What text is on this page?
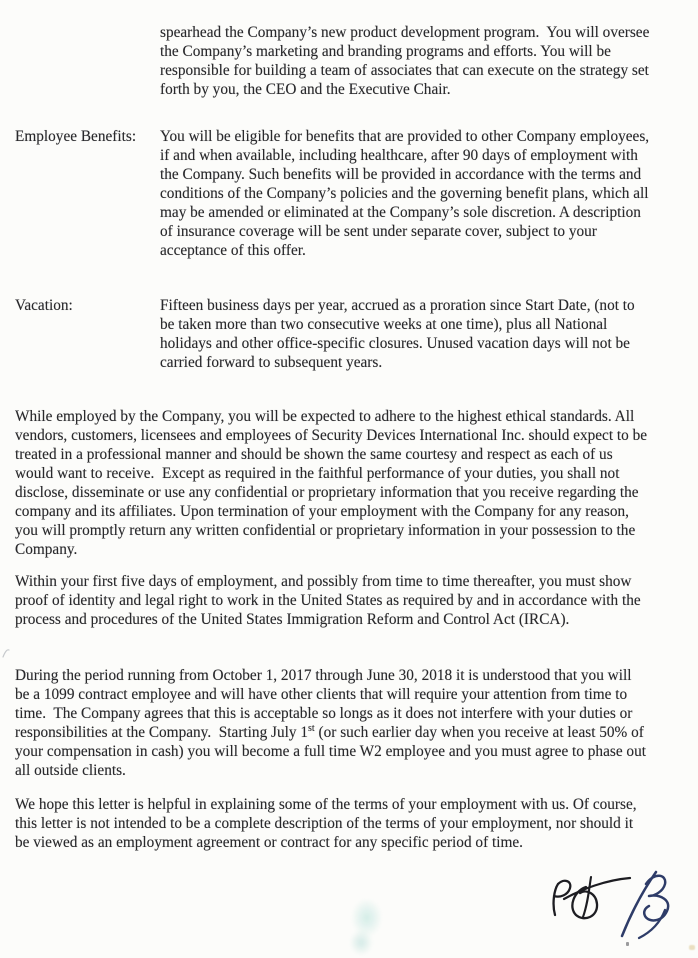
spearhead the Company’s new product development program.  You will oversee the Company’s marketing and branding programs and efforts. You will be responsible for building a team of associates that can execute on the strategy set forth by you, the CEO and the Executive Chair.
Employee Benefits:	You will be eligible for benefits that are provided to other Company employees, if and when available, including healthcare, after 90 days of employment with the Company. Such benefits will be provided in accordance with the terms and conditions of the Company’s policies and the governing benefit plans, which all may be amended or eliminated at the Company’s sole discretion. A description of insurance coverage will be sent under separate cover, subject to your acceptance of this offer.
Vacation:	Fifteen business days per year, accrued as a proration since Start Date, (not to be taken more than two consecutive weeks at one time), plus all National holidays and other office-specific closures. Unused vacation days will not be carried forward to subsequent years.
While employed by the Company, you will be expected to adhere to the highest ethical standards. All vendors, customers, licensees and employees of Security Devices International Inc. should expect to be treated in a professional manner and should be shown the same courtesy and respect as each of us would want to receive.  Except as required in the faithful performance of your duties, you shall not disclose, disseminate or use any confidential or proprietary information that you receive regarding the company and its affiliates. Upon termination of your employment with the Company for any reason, you will promptly return any written confidential or proprietary information in your possession to the Company.
Within your first five days of employment, and possibly from time to time thereafter, you must show proof of identity and legal right to work in the United States as required by and in accordance with the process and procedures of the United States Immigration Reform and Control Act (IRCA).
During the period running from October 1, 2017 through June 30, 2018 it is understood that you will be a 1099 contract employee and will have other clients that will require your attention from time to time.  The Company agrees that this is acceptable so longs as it does not interfere with your duties or responsibilities at the Company.  Starting July 1st (or such earlier day when you receive at least 50% of your compensation in cash) you will become a full time W2 employee and you must agree to phase out all outside clients.
We hope this letter is helpful in explaining some of the terms of your employment with us. Of course, this letter is not intended to be a complete description of the terms of your employment, nor should it be viewed as an employment agreement or contract for any specific period of time.
